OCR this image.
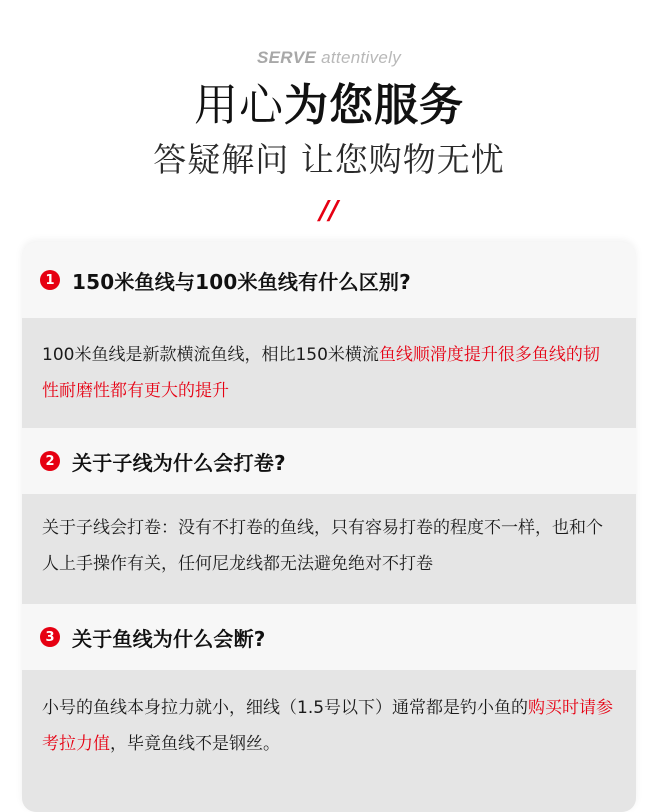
SERVE attentively
用心为您服务
答疑解问 让您购物无忧
//
1 150米鱼线与100米鱼线有什么区别?

100米鱼线是新款横流鱼线，相比150米横流鱼线顺滑度提升很多鱼线的韧性耐磨性都有更大的提升

2 关于子线为什么会打卷?

关于子线会打卷：没有不打卷的鱼线，只有容易打卷的程度不一样，也和个人上手操作有关，任何尼龙线都无法避免绝对不打卷

3 关于鱼线为什么会断?

小号的鱼线本身拉力就小，细线（1.5号以下）通常都是钓小鱼的购买时请参考拉力值，毕竟鱼线不是钢丝。
